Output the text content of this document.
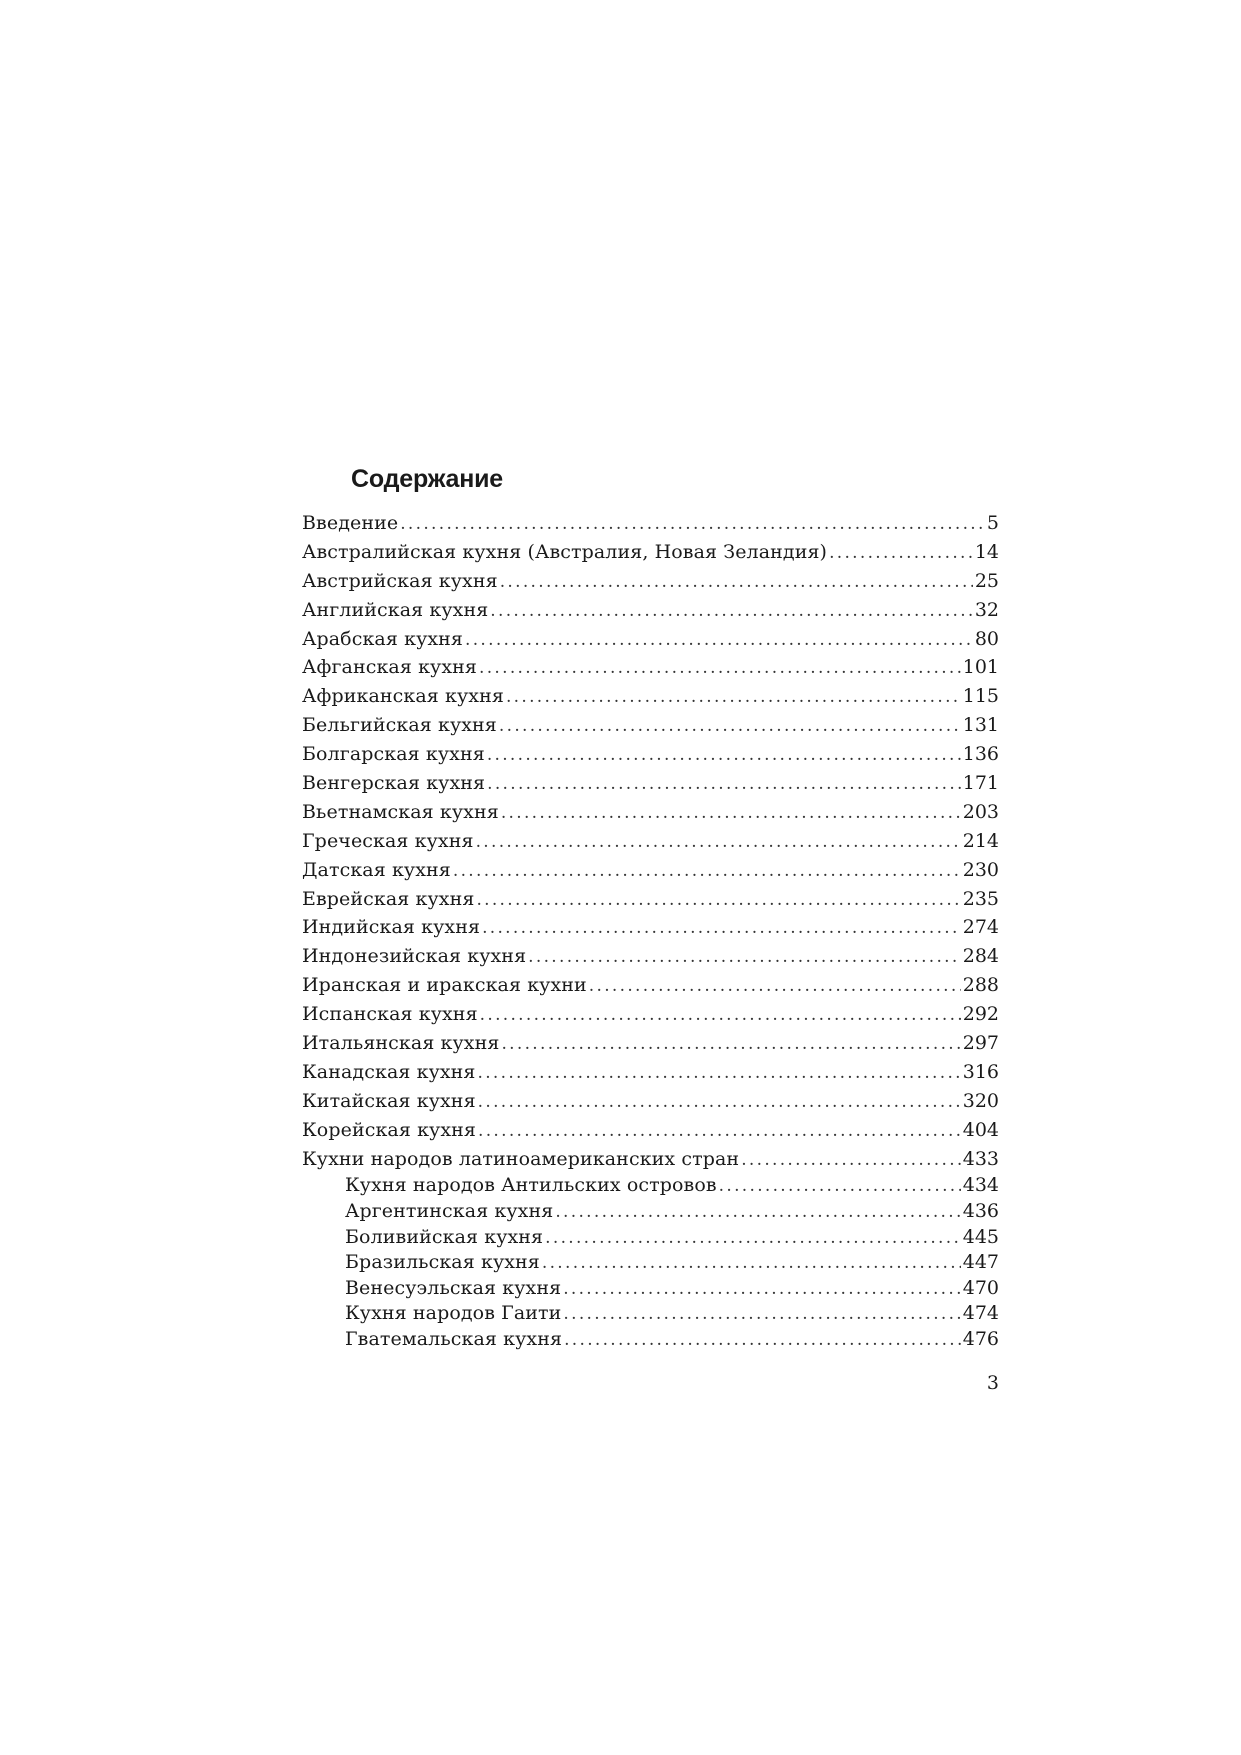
Содержание
Введение .....	5
Австралийская кухня (Австралия, Новая Зеландия) .....	14
Австрийская кухня .....	25
Английская кухня .....	32
Арабская кухня .....	80
Афганская кухня .....	101
Африканская кухня .....	115
Бельгийская кухня .....	131
Болгарская кухня .....	136
Венгерская кухня .....	171
Вьетнамская кухня .....	203
Греческая кухня .....	214
Датская кухня .....	230
Еврейская кухня .....	235
Индийская кухня .....	274
Индонезийская кухня .....	284
Иранская и иракская кухни .....	288
Испанская кухня .....	292
Итальянская кухня .....	297
Канадская кухня .....	316
Китайская кухня .....	320
Корейская кухня .....	404
Кухни народов латиноамериканских стран .....	433
Кухня народов Антильских островов .....	434
Аргентинская кухня .....	436
Боливийская кухня .....	445
Бразильская кухня .....	447
Венесуэльская кухня .....	470
Кухня народов Гаити .....	474
Гватемальская кухня .....	476

3
